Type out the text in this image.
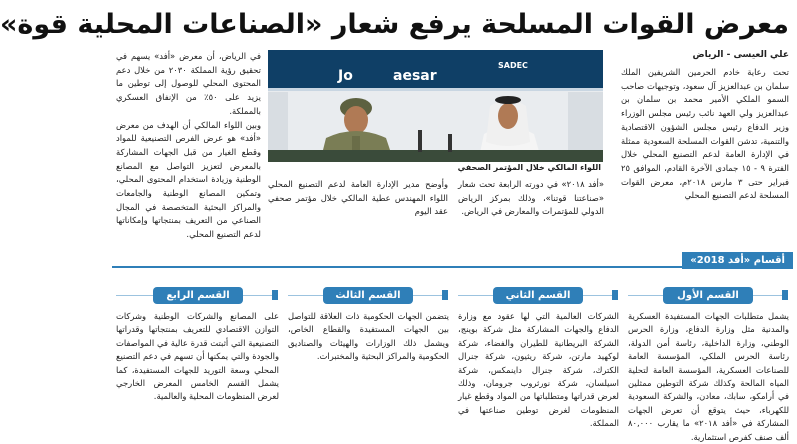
معرض القوات المسلحة يرفع شعار «الصناعات المحلية قوة»
علي العيسى - الرياض

تحت رعاية خادم الحرمين الشريفين الملك سلمان بن عبدالعزيز آل سعود، وتوجيهات صاحب السمو الملكي الأمير محمد بن سلمان بن عبدالعزيز ولي العهد نائب رئيس مجلس الوزراء وزير الدفاع رئيس مجلس الشؤون الاقتصادية والتنمية، تدشن القوات المسلحة السعودية ممثلة في الإدارة العامة لدعم التصنيع المحلي خلال الفترة ٩ - ١٥ جمادى الآخرة القادم، الموافق ٢٥ فبراير حتى ٣ مارس ٢٠١٨م، معرض القوات المسلحة لدعم التصنيع المحلي

Jo	aesar
SADEC
اللواء المالكي خلال المؤتمر الصحفي

«أفد ٢٠١٨» في دورته الرابعة تحت شعار «صناعتنا قوتنا»، وذلك بمركز الرياض الدولي للمؤتمرات والمعارض في الرياض.

وأوضح مدير الإدارة العامة لدعم التصنيع المحلي اللواء المهندس عطية المالكي خلال مؤتمر صحفي عقد اليوم

في الرياض، أن معرض «أفد» يسهم في تحقيق رؤية المملكة ٢٠٣٠ من خلال دعم المحتوى المحلي للوصول إلى توطين ما يزيد على ٥٠٪ من الإنفاق العسكري بالمملكة.

وبين اللواء المالكي أن الهدف من معرض «أفد» هو عرض الفرص التصنيعية للمواد وقطع الغيار من قبل الجهات المشاركة بالمعرض لتعزيز التواصل مع المصانع الوطنية وزيادة استخدام المحتوى المحلي، وتمكين المصانع الوطنية والجامعات والمراكز البحثية المتخصصة في المجال الصناعي من التعريف بمنتجاتها وإمكاناتها لدعم التصنيع المحلي.

أقسام «أفد 2018»
القسم الأول
القسم الثاني
القسم الثالث
القسم الرابع
يشمل متطلبات الجهات المستفيدة العسكرية والمدنية مثل وزارة الدفاع، وزارة الحرس الوطني، وزارة الداخلية، رئاسة أمن الدولة، رئاسة الحرس الملكي، المؤسسة العامة للصناعات العسكرية، المؤسسة العامة لتحلية المياه المالحة وكذلك شركة التوطين ممثلين في أرامكو، سابك، معادن، والشركة السعودية للكهرباء، حيث يتوقع أن تعرض الجهات المشاركة في «أفد ٢٠١٨» ما يقارب ٨٠,٠٠٠ ألف صنف كفرص استثمارية.
الشركات العالمية التي لها عقود مع وزارة الدفاع والجهات المشاركة مثل شركة بوينج، الشركة البريطانية للطيران والفضاء، شركة لوكهيد مارتن، شركة ريثيون، شركة جنرال الكترك، شركة جنرال داينمكس، شركة اسيلسان، شركة نورثروب جرومان، وذلك لعرض قدراتها ومتطلباتها من المواد وقطع غيار المنظومات لغرض توطين صناعتها في المملكة.
يتضمن الجهات الحكومية ذات العلاقة للتواصل بين الجهات المستفيدة والقطاع الخاص، ويشمل ذلك الوزارات والهيئات والصناديق الحكومية والمراكز البحثية والمختبرات.
على المصانع والشركات الوطنية وشركات التوازن الاقتصادي للتعريف بمنتجاتها وقدراتها التصنيعية التي أثبتت قدرة عالية في المواصفات والجودة والتي يمكنها أن تسهم في دعم التصنيع المحلي وسعة التوريد للجهات المستفيدة، كما يشمل القسم الخامس المعرض الخارجي لعرض المنظومات المحلية والعالمية.
